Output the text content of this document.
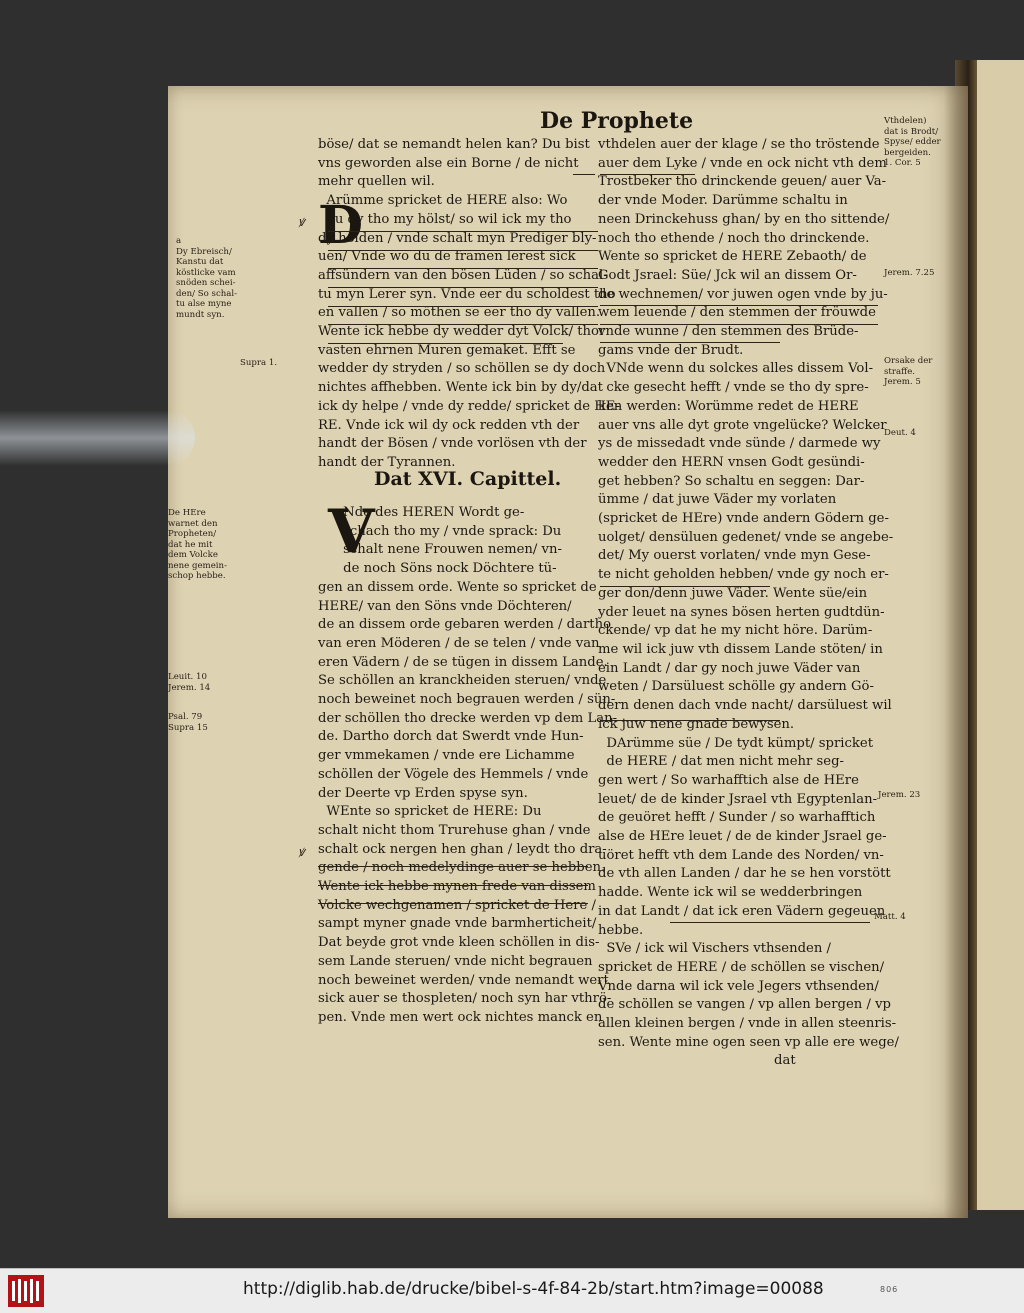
De Prophete
böse/ dat se nemandt helen kan? Du bist
vns geworden alse ein Borne / de nicht
mehr quellen wil.
Arümme spricket de HERE also: Wo
du dy tho my hölst/ so wil ick my tho
dy holden / vnde schalt myn Prediger bly-
uen/ Vnde wo du de framen lerest sick
affsündern van den bösen Lüden / so schal-
tu myn Lerer syn. Vnde eer du scholdest tho
en vallen / so möthen se eer tho dy vallen.
Wente ick hebbe dy wedder dyt Volck/ thor
vasten ehrnen Muren gemaket. Efft se
wedder dy stryden / so schöllen se dy doch
nichtes affhebben. Wente ick bin by dy/dat
ick dy helpe / vnde dy redde/ spricket de HE-
RE. Vnde ick wil dy ock redden vth der
handt der Bösen / vnde vorlösen vth der
handt der Tyrannen.
Dat XVI. Capittel.
Nde des HEREN Wordt ge-
schach tho my / vnde sprack: Du
schalt nene Frouwen nemen/ vn-
de noch Söns nock Döchtere tü-
gen an dissem orde. Wente so spricket de
HERE/ van den Söns vnde Döchteren/
de an dissem orde gebaren werden / dartho
van eren Möderen / de se telen / vnde van
eren Vädern / de se tügen in dissem Lande.
Se schöllen an kranckheiden steruen/ vnde
noch beweinet noch begrauen werden / sün-
der schöllen tho drecke werden vp dem Lan-
de. Dartho dorch dat Swerdt vnde Hun-
ger vmmekamen / vnde ere Lichamme
schöllen der Vögele des Hemmels / vnde
der Deerte vp Erden spyse syn.
WEnte so spricket de HERE: Du
schalt nicht thom Trurehuse ghan / vnde
schalt ock nergen hen ghan / leydt tho dra-
gende / noch medelydinge auer se hebben.
Wente ick hebbe mynen frede van dissem
Volcke wechgenamen / spricket de Here /
sampt myner gnade vnde barmherticheit/
Dat beyde grot vnde kleen schöllen in dis-
sem Lande steruen/ vnde nicht begrauen
noch beweinet werden/ vnde nemandt wert
sick auer se thospleten/ noch syn har vthrö-
pen. Vnde men wert ock nichtes manck en
D
V
vthdelen auer der klage / se tho tröstende
auer dem Lyke / vnde en ock nicht vth dem
Trostbeker tho drinckende geuen/ auer Va-
der vnde Moder. Darümme schaltu in
neen Drinckehuss ghan/ by en tho sittende/
noch tho ethende / noch tho drinckende.
Wente so spricket de HERE Zebaoth/ de
Godt Jsrael: Süe/ Jck wil an dissem Or-
de wechnemen/ vor juwen ogen vnde by ju-
wem leuende / den stemmen der fröuwde
vnde wunne / den stemmen des Brüde-
gams vnde der Brudt.
VNde wenn du solckes alles dissem Vol-
cke gesecht hefft / vnde se tho dy spre-
ken werden: Worümme redet de HERE
auer vns alle dyt grote vngelücke? Welcker
ys de missedadt vnde sünde / darmede wy
wedder den HERN vnsen Godt gesündi-
get hebben? So schaltu en seggen: Dar-
ümme / dat juwe Väder my vorlaten
(spricket de HEre) vnde andern Gödern ge-
uolget/ densüluen gedenet/ vnde se angebe-
det/ My ouerst vorlaten/ vnde myn Gese-
te nicht geholden hebben/ vnde gy noch er-
ger don/denn juwe Väder. Wente süe/ein
yder leuet na synes bösen herten gudtdün-
ckende/ vp dat he my nicht höre. Darüm-
me wil ick juw vth dissem Lande stöten/ in
ein Landt / dar gy noch juwe Väder van
weten / Darsüluest schölle gy andern Gö-
dern denen dach vnde nacht/ darsüluest wil
ick juw nene gnade bewysen.
DArümme süe / De tydt kümpt/ spricket
de HERE / dat men nicht mehr seg-
gen wert / So warhafftich alse de HEre
leuet/ de de kinder Jsrael vth Egyptenlan-
de geuöret hefft / Sunder / so warhafftich
alse de HEre leuet / de de kinder Jsrael ge-
uöret hefft vth dem Lande des Norden/ vn-
de vth allen Landen / dar he se hen vorstött
hadde. Wente ick wil se wedderbringen
in dat Landt / dat ick eren Vädern gegeuen
hebbe.
SVe / ick wil Vischers vthsenden /
spricket de HERE / de schöllen se vischen/
Vnde darna wil ick vele Jegers vthsenden/
de schöllen se vangen / vp allen bergen / vp
allen kleinen bergen / vnde in allen steenris-
sen. Wente mine ogen seen vp alle ere wege/
dat
a
Dy Ebreisch/
Kanstu dat
köstlicke vam
snöden schei-
den/ So schal-
tu alse myne
mundt syn.
Supra 1.
De HEre
warnet den
Propheten/
dat he mit
dem Volcke
nene gemein-
schop hebbe.
Leuit. 10
Jerem. 14
Psal. 79
Supra 15
Vthdelen)
dat is Brodt/
Spyse/ edder
bergeiden.
1. Cor. 5
Jerem. 7.25
Orsake der
straffe.
Jerem. 5
Deut. 4
Jerem. 23
Matt. 4
ꝟ
ꝟ
http://diglib.hab.de/drucke/bibel-s-4f-84-2b/start.htm?image=00088	806
